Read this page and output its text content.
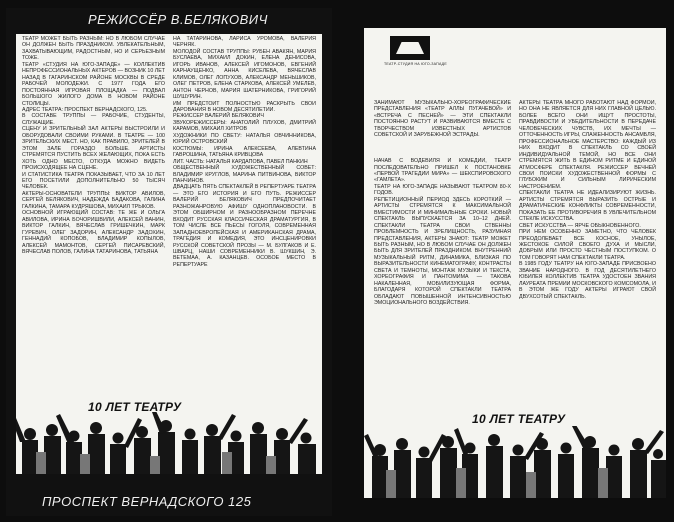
РЕЖИССЁР В.БЕЛЯКОВИЧ
ТЕАТР МОЖЕТ БЫТЬ РАЗНЫМ: НО В ЛЮБОМ СЛУЧАЕ ОН ДОЛЖЕН БЫТЬ ПРАЗДНИКОМ. УВЛЕКАТЕЛЬНЫМ, ЗАХВАТЫВАЮЩИМ, РАДОСТНЫМ, НО И СЕРЬЕЗНЫМ ТОЖЕ.
ТЕАТР «СТУДИЯ НА ЮГО-ЗАПАДЕ» — КОЛЛЕКТИВ НЕПРОФЕССИОНАЛЬНЫХ АКТЕРОВ — ВОЗНИК 10 ЛЕТ НАЗАД В ГАГАРИНСКОМ РАЙОНЕ МОСКВЫ В СРЕДЕ РАБОЧЕЙ МОЛОДЕЖИ. С 1977 ГОДА ЕГО ПОСТОЯННАЯ ИГРОВАЯ ПЛОЩАДКА — ПОДВАЛ БОЛЬШОГО ЖИЛОГО ДОМА В НОВОМ РАЙОНЕ СТОЛИЦЫ.
АДРЕС ТЕАТРА: ПРОСПЕКТ ВЕРНАДСКОГО, 125.
В СОСТАВЕ ТРУППЫ — РАБОЧИЕ, СТУДЕНТЫ, СЛУЖАЩИЕ.
СЦЕНУ И ЗРИТЕЛЬНЫЙ ЗАЛ АКТЕРЫ ВЫСТРОИЛИ И ОБОРУДОВАЛИ СВОИМИ РУКАМИ. В ТЕАТРЕ — 100 ЗРИТЕЛЬСКИХ МЕСТ. НО, КАК ПРАВИЛО, ЗРИТЕЛЕЙ В ЭТОМ ЗАЛЕ ГОРАЗДО БОЛЬШЕ. АРТИСТЫ СТРЕМЯТСЯ ПУСТИТЬ ВСЕХ ЖЕЛАЮЩИХ, ПОКА ЕСТЬ ХОТЬ ОДНО МЕСТО, ОТКУДА МОЖНО ВИДЕТЬ ПРОИСХОДЯЩЕЕ НА СЦЕНЕ.
И СТАТИСТИКА ТЕАТРА ПОКАЗЫВАЕТ, ЧТО ЗА 10 ЛЕТ ЕГО ПОСЕТИЛИ ДОПОЛНИТЕЛЬНО 50 ТЫСЯЧ ЧЕЛОВЕК.
АКТЕРЫ-ОСНОВАТЕЛИ ТРУППЫ: ВИКТОР АВИЛОВ, СЕРГЕЙ БЕЛЯКОВИЧ, НАДЕЖДА БАДАКОВА, ГАЛИНА ГАЛКИНА, ТАМАРА КУДРЯШОВА, МИХАИЛ ТРЫКОВ.
ОСНОВНОЙ ИГРАЮЩИЙ СОСТАВ: ТЕ ЖЕ И ОЛЬГА АВИЛОВА, ИРИНА БОЧОРИШВИЛИ, АЛЕКСЕЙ ВАНИН, ВИКТОР ГАЛКИН, ВЯЧЕСЛАВ ГРИШЕЧКИН, МАРК ГУРЕВИЧ, ОЛЕГ ЗАДОРИН, АЛЕКСАНДР ЗАДОХИН, ГЕННАДИЙ КОПОБОВ, ВЛАДИМИР КОПЫЛОВ, АЛЕКСЕЙ МАМОНТОВ, СЕРГЕЙ ПИСАРЕВСКИЙ, ВЯЧЕСЛАВ ПОЛОВ, ГАЛИНА ТАТАРИНОВА, ТАТЬЯНА
НА ТАТАРИНОВА, ЛАРИСА УРОМОВА, ВАЛЕРИЯ ЧЕРНЯК.
МОЛОДОЙ СОСТАВ ТРУППЫ: РУБЕН АВАКЯН, МАРИЯ БУСЛАЕВА, МИХАИЛ ДОКИН, ЕЛЕНА ДЕНИСОВА, ИГОРЬ ИВАНОВ, АЛЕКСЕЙ ИГОМОНОВ, ЕВГЕНИЙ КАРНАУЩЕНКО, АННА КИСЕЛЕВА, ВЯЧЕСЛАВ КЛИМОВ, ОЛЕГ ЛОПУХОВ, АЛЕКСАНДР МЕНЬШИКОВ, ОЛЕГ ПЕТРОВ, ЕЛЕНА СТАРКОВА, АЛЕКСЕЙ УМЕЛЕВ, АНТОН ЧЕРНОВ, МАРИЯ ШАТЕРНИКОВА, ГРИГОРИЙ ШУШУРИН.
ИМ ПРЕДСТОИТ ПОЛНОСТЬЮ РАСКРЫТЬ СВОИ ДАРОВАНИЯ В НОВОМ ДЕСЯТИЛЕТИИ.
РЕЖИССЕР ВАЛЕРИЙ БЕЛЯКОВИЧ
ЗВУКОРЕЖИССЕРЫ: АНАТОЛИЙ ПЛУХОВ, ДМИТРИЙ КАРАМОВ, МИХАИЛ ХИТРОВ
ХУДОЖНИКИ ПО СВЕТУ: НАТАЛЬЯ ОВЧИННИКОВА, ЮРИЙ ОСТРОВСКИЙ
КОСТЮМЫ: ИРИНА АЛЕКСЕЕВА, АЛЕВТИНА ГАВРОШИНА, ТАТЬЯНА КРИВЦОВА
ЛИТ. ЧАСТЬ: НАТАЛЬЯ КАРДАПОВА, ПАВЕЛ ПАНКИН
ОБЩЕСТВЕННЫЙ ХУДОЖЕСТВЕННЫЙ СОВЕТ: ВЛАДИМИР КРУГЛОВ, МАРИНА ПИТВИНОВА, ВИКТОР ПАНЧИНОВ.
ДВАДЦАТЬ ПЯТЬ СПЕКТАКЛЕЙ В РЕПЕРТУАРЕ ТЕАТРА — ЭТО ЕГО ИСТОРИЯ И ЕГО ПУТЬ. РЕЖИССЕР ВАЛЕРИЙ БЕЛЯКОВИЧ ПРЕДПОЧИТАЕТ РАЗНОЖАНРОВУЮ АФИШУ ОДНОПЛАНОВОСТИ. В ЭТОМ ОБШИРНОМ И РАЗНООБРАЗНОМ ПЕРЕЧНЕ ВХОДИТ РУССКАЯ КЛАССИЧЕСКАЯ ДРАМАТУРГИЯ, В ТОМ ЧИСЛЕ ВСЕ ПЬЕСЫ ГОГОЛЯ, СОВРЕМЕННАЯ ЗАПАДНОЕВРОПЕЙСКАЯ И АМЕРИКАНСКАЯ ДРАМА, ТРАГЕДИЯ И КОМЕДИЯ, ЭТО ИНСЦЕНИРОВКИ РУССКОЙ СОВЕТСКОЙ ПРОЗЫ — М. БУЛГАКОВ И Е. ШВАРЦ, НАШИ СОВРЕМЕННИКИ В. ШУКШИН, Э. ВЕТЕМАА, А. КАЗАНЦЕВ. ОСОБОЕ МЕСТО В РЕПЕРТУАРЕ
10 ЛЕТ ТЕАТРУ
ПРОСПЕКТ ВЕРНАДСКОГО 125
ТЕАТР-СТУДИЯ НА ЮГО-ЗАПАДЕ
ЗАНИМАЮТ МУЗЫКАЛЬНО-ХОРЕОГРАФИЧЕСКИЕ ПРЕДСТАВЛЕНИЯ «ТЕАТР АЛЛЫ ПУГАЧЕВОЙ» И «ВСТРЕЧА С ПЕСНЕЙ» — ЭТИ СПЕКТАКЛИ ПОСТОЯННО РАСТУТ И РАЗВИВАЮТСЯ ВМЕСТЕ С ТВОРЧЕСТВОМ ИЗВЕСТНЫХ АРТИСТОВ СОВЕТСКОЙ И ЗАРУБЕЖНОЙ ЭСТРАДЫ.

НАЧАВ С ВОДЕВИЛЯ И КОМЕДИИ, ТЕАТР ПОСЛЕДОВАТЕЛЬНО ПРИШЕЛ К ПОСТАНОВКЕ «ПЕРВОЙ ТРАГЕДИИ МИРА» — ШЕКСПИРОВСКОГО «ГАМЛЕТА».
ТЕАТР НА ЮГО-ЗАПАДЕ НАЗЫВАЮТ ТЕАТРОМ 80-Х ГОДОВ.
РЕПЕТИЦИОННЫЙ ПЕРИОД ЗДЕСЬ КОРОТКИЙ — АРТИСТЫ СТРЕМЯТСЯ К МАКСИМАЛЬНОЙ ВМЕСТИМОСТИ И МИНИМАЛЬНЫЕ СРОКИ. НОВЫЙ СПЕКТАКЛЬ ВЫПУСКАЕТСЯ ЗА 10–12 ДНЕЙ. СПЕКТАКЛИ ТЕАТРА СВОИ СТВЕННЫ ПРОБЛЕМНОСТЬ И ЗРЕЛИЩНОСТЬ, РАЗУМНАЯ ПРЕДСТАВЛЕНИЯ, АКТЕРЫ ЗНАЮТ: ТЕАТР МОЖЕТ БЫТЬ РАЗНЫМ, НО В ЛЮБОМ СЛУЧАЕ ОН ДОЛЖЕН БЫТЬ ДЛЯ ЗРИТЕЛЕЙ ПРАЗДНИКОМ. ВНУТРЕННИЙ МУЗЫКАЛЬНЫЙ РИТМ, ДИНАМИКА, БЛИЗКАЯ ПО ВЫРАЗИТЕЛЬНОСТИ КИНЕМАТОГРАФУ, КОНТРАСТЫ СВЕТА И ТЕМНОТЫ, МОНТАЖ МУЗЫКИ И ТЕКСТА, ХОРЕОГРАФИЯ И ПАНТОМИМА — ТАКОВА НАКАЛЕННАЯ, МОБИЛИЗУЮЩАЯ ФОРМА, БЛАГОДАРЯ КОТОРОЙ СПЕКТАКЛИ ТЕАТРА ОБЛАДАЮТ ПОВЫШЕННОЙ ИНТЕНСИВНОСТЬЮ ЭМОЦИОНАЛЬНОГО ВОЗДЕЙСТВИЯ.
АКТЕРЫ ТЕАТРА МНОГО РАБОТАЮТ НАД ФОРМОЙ, НО ОНА НЕ ЯВЛЯЕТСЯ ДЛЯ НИХ ГЛАВНОЙ ЦЕЛЬЮ. БОЛЕЕ ВСЕГО ОНИ ИЩУТ ПРОСТОТЫ, ПРАВДИВОСТИ И УБЕДИТЕЛЬНОСТИ В ПЕРЕДАЧЕ ЧЕЛОВЕЧЕСКИХ ЧУВСТВ, ИХ МЕЧТЫ — ОТТОЧЕННОСТЬ ИГРЫ, СЛАЖЕННОСТЬ АНСАМБЛЯ, ПРОФЕССИОНАЛЬНОЕ МАСТЕРСТВО: КАЖДЫЙ ИЗ НИХ ВХОДИТ В СПЕКТАКЛЬ СО СВОЕЙ ИНДИВИДУАЛЬНОЙ ТЕМОЙ, НО ВСЕ ОНИ СТРЕМЯТСЯ ЖИТЬ В ЕДИНОМ РИТМЕ И ЕДИНОЙ АТМОСФЕРЕ СПЕКТАКЛЯ. РЕЖИССЕР ВЕЧНЕЙ СВОИ ПОИСКИ ХУДОЖЕСТВЕННОЙ ФОРМЫ С ГЛУБОКИМ И СИЛЬНЫМ ЛИРИЧЕСКИМ НАСТРОЕНИЕМ.
СПЕКТАКЛИ ТЕАТРА НЕ ИДЕАЛИЗИРУЮТ ЖИЗНЬ. АРТИСТЫ СТРЕМЯТСЯ ВЫРАЗИТЬ ОСТРЫЕ И ДРАМАТИЧЕСКИЕ КОНФЛИКТЫ СОВРЕМЕННОСТИ, ПОКАЗАТЬ ЕЕ ПРОТИВОРЕЧИЯ В УВЛЕЧИТЕЛЬНОМ СТЕКЛЕ ИСКУССТВА.
СВЕТ ИСКУССТВА — ЯРЧЕ ОБЫКНОВЕННОГО.
ПРИ НЕМ ОСОБЕННО ЗАМЕТНО, ЧТО ЧЕЛОВЕК ПРЕОДОЛЕВАЕТ ВСЕ КОСНОЕ, УНЫЛОЕ, ЖЕСТОКОЕ СИЛОЙ СВОЕГО ДУХА И МЫСЛИ, ДОБРЫМ ИЛИ ПРОСТО ЧЕСТНЫМ ПОСТУПКОМ. О ТОМ ГОВОРЯТ НАМ СПЕКТАКЛИ ТЕАТРА.
В 1985 ГОДУ ТЕАТРУ НА ЮГО-ЗАПАДЕ ПРИСВОЕНО ЗВАНИЕ НАРОДНОГО. В ГОД ДЕСЯТИЛЕТНЕГО ЮБИЛЕЯ КОЛЛЕКТИВ ТЕАТРА УДОСТОЕН ЗВАНИЯ ЛАУРЕАТА ПРЕМИИ МОСКОВСКОГО КОМСОМОЛА, И В ЭТОМ ЖЕ ГОДУ АКТЕРЫ ИГРАЮТ СВОЙ ДВУХСОТЫЙ СПЕКТАКЛЬ.
10 ЛЕТ ТЕАТРУ
